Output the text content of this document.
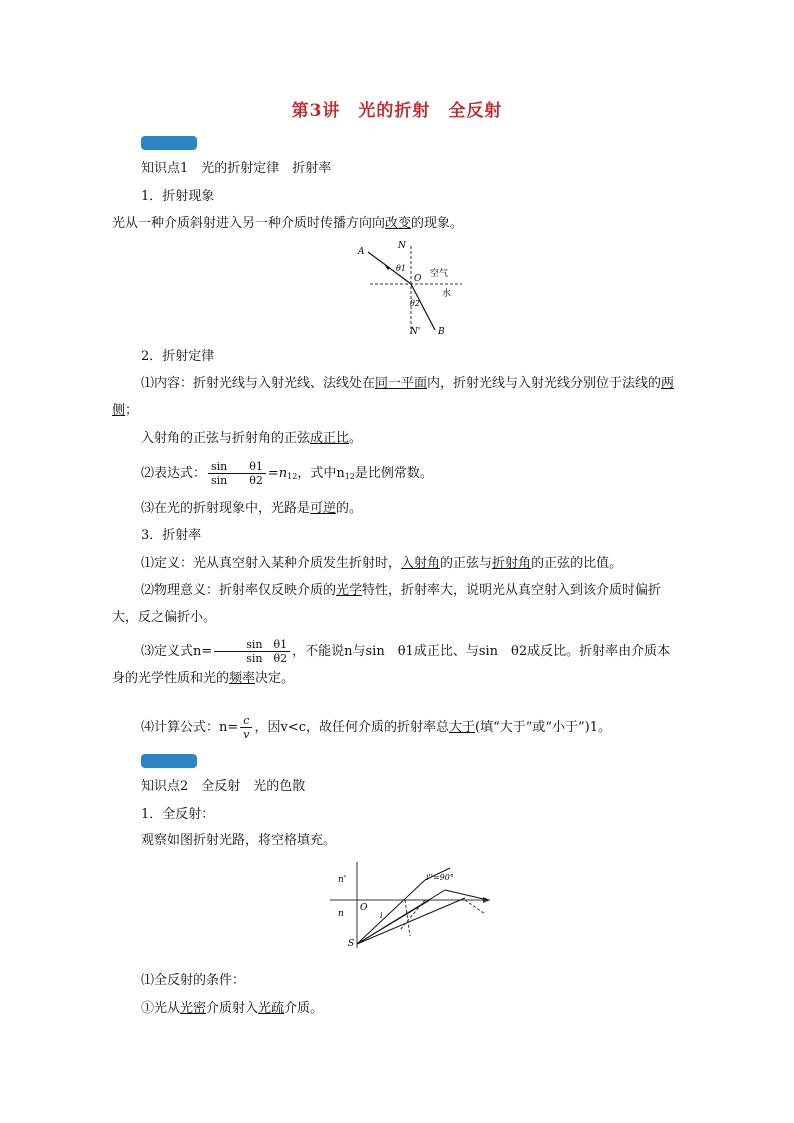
第3讲　光的折射　全反射
知识点1　光的折射定律　折射率
1．折射现象
光从一种介质斜射进入另一种介质时传播方向向改变的现象。
A
N
θ1
O 空气
水
θ2
N' B
2．折射定律
⑴内容：折射光线与入射光线、法线处在同一平面内，折射光线与入射光线分别位于法线的两侧；
入射角的正弦与折射角的正弦成正比。
⑵表达式： $\frac{\text{sin　　θ1}}{\text{sin　　θ2}} =n_{12}$，式中$n_{12}$是比例常数。
⑶在光的折射现象中，光路是可逆的。
3．折射率
⑴定义：光从真空射入某种介质发生折射时，入射角的正弦与折射角的正弦的比值。
⑵物理意义：折射率仅反映介质的光学特性，折射率大，说明光从真空射入到该介质时偏折大，反之偏折小。
⑶定义式$n= \frac{\text{sin　θ1}}{\text{sin　θ2}}$ ，不能说n与sin　θ1成正比、与sin　θ2成反比。折射率由介质本身的光学性质和光的频率决定。
⑷计算公式：$n= \frac{c}{v}$ ，因v<c，故任何介质的折射率总大于(填“大于”或“小于”)1。
知识点2　全反射　光的色散
1．全反射：
观察如图折射光路，将空格填充。
n'
n
O
S
i
i''=90°
⑴全反射的条件：
①光从光密介质射入光疏介质。
